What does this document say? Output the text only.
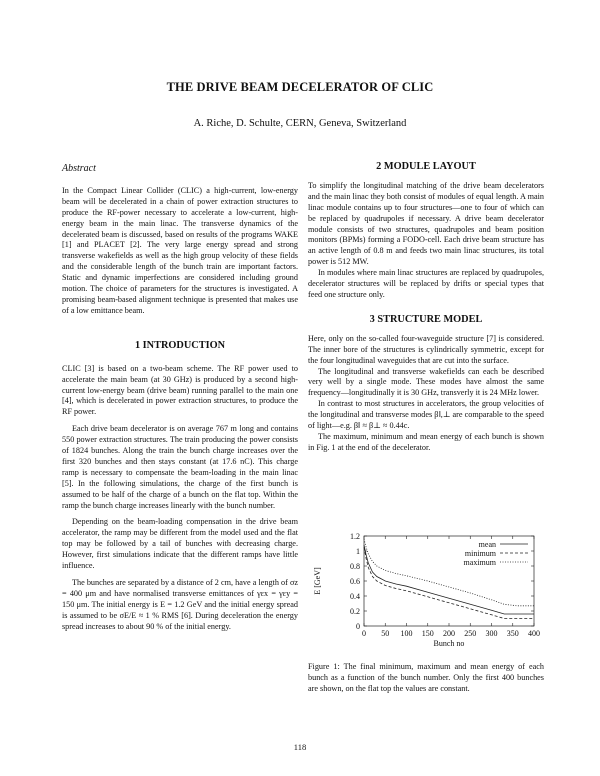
THE DRIVE BEAM DECELERATOR OF CLIC
A. Riche, D. Schulte, CERN, Geneva, Switzerland
Abstract

In the Compact Linear Collider (CLIC) a high-current, low-energy beam will be decelerated in a chain of power extraction structures to produce the RF-power necessary to accelerate a low-current, high-energy beam in the main linac. The transverse dynamics of the decelerated beam is discussed, based on results of the programs WAKE [1] and PLACET [2]. The very large energy spread and strong transverse wakefields as well as the high group velocity of these fields and the considerable length of the bunch train are important factors. Static and dynamic imperfections are considered including ground motion. The choice of parameters for the structures is investigated. A promising beam-based alignment technique is presented that makes use of a low emittance beam.

1 INTRODUCTION

CLIC [3] is based on a two-beam scheme. The RF power used to accelerate the main beam (at 30 GHz) is produced by a second high-current low-energy beam (drive beam) running parallel to the main one [4], which is decelerated in power extraction structures, to produce the RF power.

Each drive beam decelerator is on average 767 m long and contains 550 power extraction structures. The train producing the power consists of 1824 bunches. Along the train the bunch charge increases over the first 320 bunches and then stays constant (at 17.6 nC). This charge ramp is necessary to compensate the beam-loading in the main linac [5]. In the following simulations, the charge of the first bunch is assumed to be half of the charge of a bunch on the flat top. Within the ramp the bunch charge increases linearly with the bunch number.

Depending on the beam-loading compensation in the drive beam accelerator, the ramp may be different from the model used and the flat top may be followed by a tail of bunches with decreasing charge. However, first simulations indicate that the different ramps have little influence.

The bunches are separated by a distance of 2 cm, have a length of σz = 400 μm and have normalised transverse emittances of γεx = γεy = 150 μm. The initial energy is E = 1.2 GeV and the initial energy spread is assumed to be σE/E ≈ 1 % RMS [6]. During deceleration the energy spread increases to about 90 % of the initial energy.

2 MODULE LAYOUT

To simplify the longitudinal matching of the drive beam decelerators and the main linac they both consist of modules of equal length. A main linac module contains up to four structures—one to four of which can be replaced by quadrupoles if necessary. A drive beam decelerator module consists of two structures, quadrupoles and beam position monitors (BPMs) forming a FODO-cell. Each drive beam structure has an active length of 0.8 m and feeds two main linac structures, its total power is 512 MW.

In modules where main linac structures are replaced by quadrupoles, decelerator structures will be replaced by drifts or special types that feed one structure only.

3 STRUCTURE MODEL

Here, only on the so-called four-waveguide structure [7] is considered. The inner bore of the structures is cylindrically symmetric, except for the four longitudinal waveguides that are cut into the surface.

The longitudinal and transverse wakefields can each be described very well by a single mode. These modes have almost the same frequency—longitudinally it is 30 GHz, transverly it is 24 MHz lower.

In contrast to most structures in accelerators, the group velocities of the longitudinal and transverse modes β‖,⊥ are comparable to the speed of light—e.g. β‖ ≈ β⊥ ≈ 0.44c.

The maximum, minimum and mean energy of each bunch is shown in Fig. 1 at the end of the decelerator.

mean
minimum
maximum
0
0.2
0.4
0.6
0.8
1
1.2
0 50 100 150 200 250 300 350 400
Bunch no
E [GeV]
Figure 1: The final minimum, maximum and mean energy of each bunch as a function of the bunch number. Only the first 400 bunches are shown, on the flat top the values are constant.
118
